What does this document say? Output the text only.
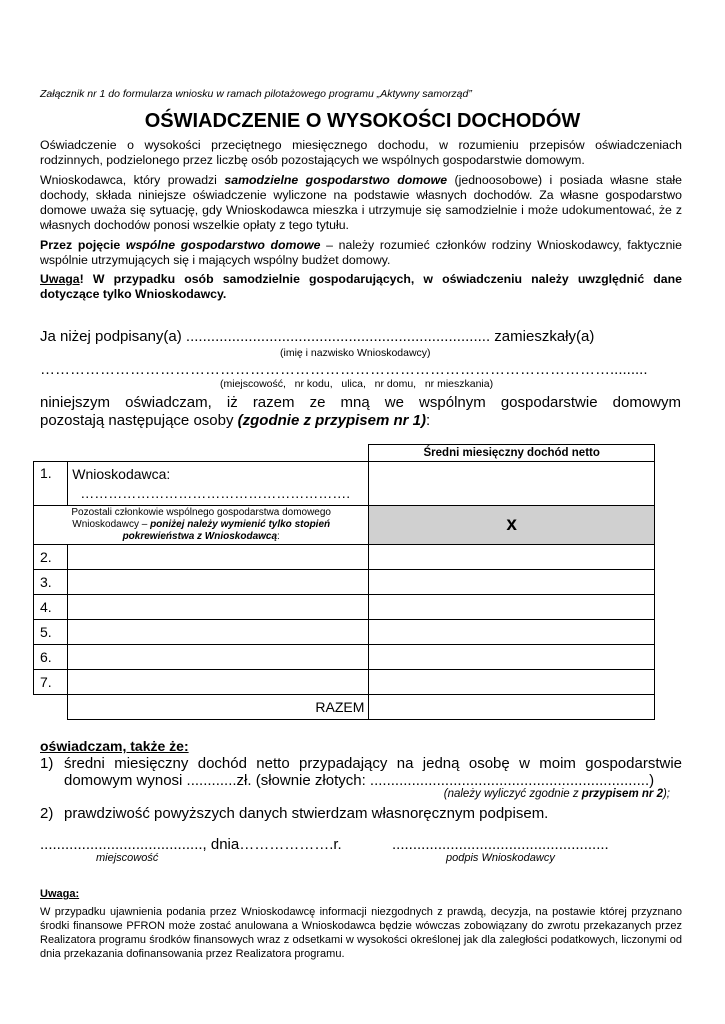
Załącznik nr 1 do formularza wniosku w ramach pilotażowego programu „Aktywny samorząd”
OŚWIADCZENIE O WYSOKOŚCI DOCHODÓW
Oświadczenie o wysokości przeciętnego miesięcznego dochodu, w rozumieniu przepisów oświadczeniach rodzinnych, podzielonego przez liczbę osób pozostających we wspólnych gospodarstwie domowym.
Wnioskodawca, który prowadzi samodzielne gospodarstwo domowe (jednoosobowe) i posiada własne stałe dochody, składa niniejsze oświadczenie wyliczone na podstawie własnych dochodów. Za własne gospodarstwo domowe uważa się sytuację, gdy Wnioskodawca mieszka i utrzymuje się samodzielnie i może udokumentować, że z własnych dochodów ponosi wszelkie opłaty z tego tytułu.
Przez pojęcie wspólne gospodarstwo domowe – należy rozumieć członków rodziny Wnioskodawcy, faktycznie wspólnie utrzymujących się i mających wspólny budżet domowy.
Uwaga! W przypadku osób samodzielnie gospodarujących, w oświadczeniu należy uwzględnić dane dotyczące tylko Wnioskodawcy.
Ja niżej podpisany(a) ......................................................................... zamieszkały(a)
(imię i nazwisko Wnioskodawcy)
…………………………………………………………………………………………………….........
(miejscowość,   nr kodu,   ulica,   nr domu,   nr mieszkania)
niniejszym oświadczam, iż razem ze mną we wspólnym gospodarstwie domowym
pozostają następujące osoby (zgodnie z przypisem nr 1):
		Średni miesięczny dochód netto
1.	Wnioskodawca:
………………………………………………….	

Pozostali członkowie wspólnego gospodarstwa domowego Wnioskodawcy – poniżej należy wymienić tylko stopień pokrewieństwa z Wnioskodawcą:		x
2.		
3.		
4.		
5.		
6.		
7.		
	RAZEM	
oświadczam, także że:
1) średni miesięczny dochód netto przypadający na jedną osobę w moim gospodarstwie
domowym wynosi ............zł. (słownie złotych: ...................................................................)
(należy wyliczyć zgodnie z przypisem nr 2);
2) prawdziwość powyższych danych stwierdzam własnoręcznym podpisem.
......................................., dnia……………….r.	....................................................
miejscowość	podpis Wnioskodawcy
Uwaga:
W przypadku ujawnienia podania przez Wnioskodawcę informacji niezgodnych z prawdą, decyzja, na postawie której przyznano środki finansowe PFRON może zostać anulowana a Wnioskodawca będzie wówczas zobowiązany do zwrotu przekazanych przez Realizatora programu środków finansowych wraz z odsetkami w wysokości określonej jak dla zaległości podatkowych, liczonymi od dnia przekazania dofinansowania przez Realizatora programu.
